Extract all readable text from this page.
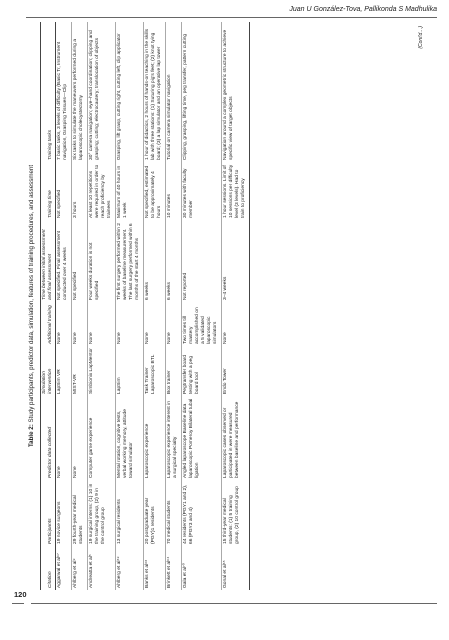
Juan U González-Tova, Pallikonda S Madhulika
Table 2: Study participants, predictor data, simulation, features of training procedures, and assessment
Citation	Participants	Predictor data collected	Simulation intervention	Additional training	Time between initial assessment and final assessment	Training time	Training tasks
Aggarwal et al⁶⁷	19 novice surgeons	None	LapSim VR	None	Not specified. Final assessment conducted over 4 weeks	Not specified	7 basic tasks, 3 levels of difficulty (Basic Tr, Instrument navigation, Grasping Tissues—Clip
Ahlberg et al⁹	29 fourth-year medical students	None	MIST-VR	None	Not specified	3 hours	Six tasks to simulate the maneuvers performed during a laparoscopic cholecystectomy
Andreatta et al⁵	19 surgical interns: (1) 10 in the training group, (2) 9 in the control group	Computer game experience	Simbionix LapMentor	None	Four weeks duration is not specified	At least 10 repetitions were required in order to reach proficiency by trainees	30° camera navigation; eye–hand coordination; clipping and grasping; cutting; electrocautery; translocation of objects
Ahlberg et al⁶⁹	13 surgical residents	Mental rotation, cognitive tests, verbal working memory, attitude toward simulator	LapSim	None	The first surgery performed within 2 weeks of baseline measurement. The last surgery performed within 6 months of the start 4 months	Maximum of 40 hours in 1 week	Grasping, lift grasp, cutting right, cutting left, clip applicator
Banks et al⁶⁸	20 postgraduate year (PGY)1 residents	Laparoscopic experience	Task Trainer Laparoscopic BTL	None	6 weeks	Not specified, estimated to be approximately 4 hours	1 hour of didactics, 2 hours of hands-on teaching in the skills lab with three stations: (1) Suturing pig's feet; (2) knot tying board; (3) a lap simulator and an operative lap tower
Brinkett et al⁶⁴	70 medical students	Laparoscopic experience interest in a surgical specialty	Box trainer	None	6 weeks	10 minutes	Tutorial on camera simulator navigation
Gala et al⁷⁰	44 residents (PGY1 and 2), 66 (PGY3 and 4)	Angled laparoscope Baseline data laparoscopic Pomeroy Bilateral tubal ligation	Pegtransfer board testing with a peg board tool	Two times till mastery accomplished on a 5 validated laparoscopic simulators	Not reported	30 minutes with faculty member	Clipping, grasping, lifting time, peg transfer, pattern cutting
Gonal et al⁶⁵	15 third-year medical students: (1) 5 training group, (2) 10 control group	Laparoscopic cases observed or participated in were measured between baseline and performance	Endo Tower	None	3–4 weeks	1 hour sessions. Limit of 10 sessions per difficulty level (3 levels). Had to train to proficiency	Navigation around a complex geometric structure to achieve specific view of target objects
(Cont'd…)
120
